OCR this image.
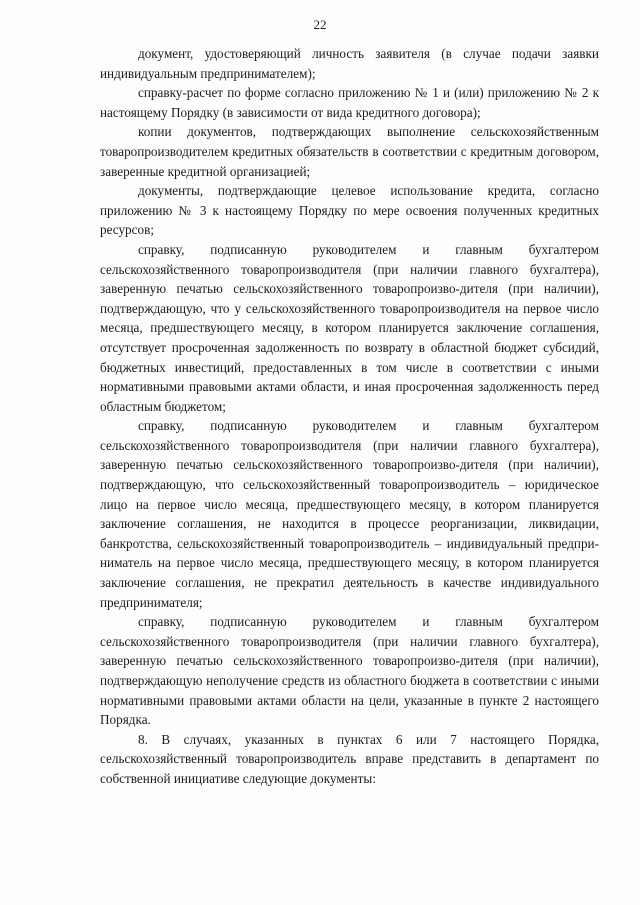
22

документ, удостоверяющий личность заявителя (в случае подачи заявки индивидуальным предпринимателем);

справку-расчет по форме согласно приложению № 1 и (или) приложению № 2 к настоящему Порядку (в зависимости от вида кредитного договора);

копии документов, подтверждающих выполнение сельскохозяйственным товаропроизводителем кредитных обязательств в соответствии с кредитным договором, заверенные кредитной организацией;

документы, подтверждающие целевое использование кредита, согласно приложению № 3 к настоящему Порядку по мере освоения полученных кредитных ресурсов;

справку, подписанную руководителем и главным бухгалтером сельскохозяйственного товаропроизводителя (при наличии главного бухгалтера), заверенную печатью сельскохозяйственного товаропроизво-дителя (при наличии), подтверждающую, что у сельскохозяйственного товаропроизводителя на первое число месяца, предшествующего месяцу, в котором планируется заключение соглашения, отсутствует просроченная задолженность по возврату в областной бюджет субсидий, бюджетных инвестиций, предоставленных в том числе в соответствии с иными нормативными правовыми актами области, и иная просроченная задолженность перед областным бюджетом;

справку, подписанную руководителем и главным бухгалтером сельскохозяйственного товаропроизводителя (при наличии главного бухгалтера), заверенную печатью сельскохозяйственного товаропроизво-дителя (при наличии), подтверждающую, что сельскохозяйственный товаропроизводитель – юридическое лицо на первое число месяца, предшествующего месяцу, в котором планируется заключение соглашения, не находится в процессе реорганизации, ликвидации, банкротства, сельскохозяйственный товаропроизводитель – индивидуальный предпри-ниматель на первое число месяца, предшествующего месяцу, в котором планируется заключение соглашения, не прекратил деятельность в качестве индивидуального предпринимателя;

справку, подписанную руководителем и главным бухгалтером сельскохозяйственного товаропроизводителя (при наличии главного бухгалтера), заверенную печатью сельскохозяйственного товаропроизво-дителя (при наличии), подтверждающую неполучение средств из областного бюджета в соответствии с иными нормативными правовыми актами области на цели, указанные в пункте 2 настоящего Порядка.

8. В случаях, указанных в пунктах 6 или 7 настоящего Порядка, сельскохозяйственный товаропроизводитель вправе представить в департамент по собственной инициативе следующие документы:
